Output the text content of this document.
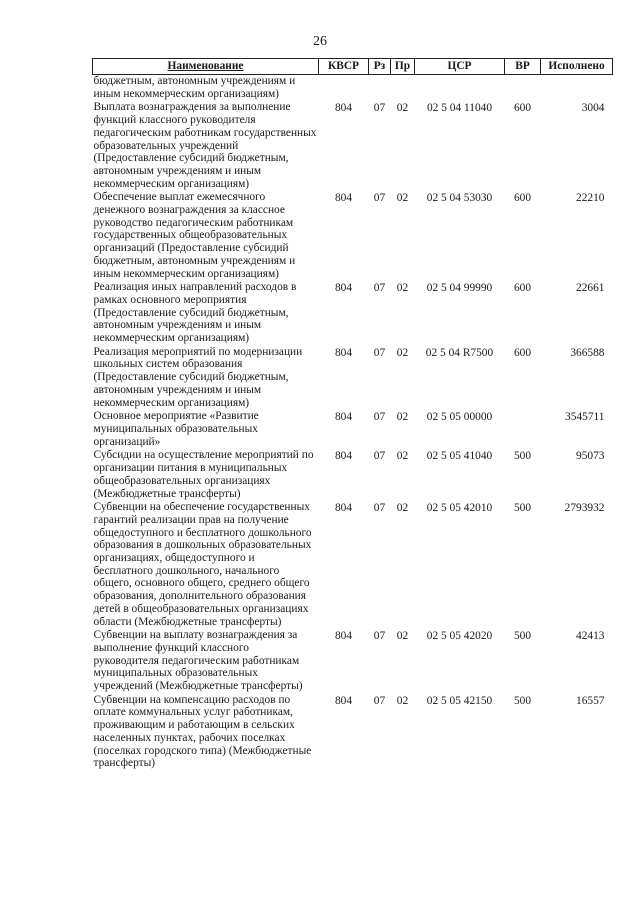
26
Наименование	КВСР	Рз	Пр	ЦСР	ВР	Исполнено
бюджетным, автономным учреждениям и иным некоммерческим организациям)						
Выплата вознаграждения за выполнение функций классного руководителя педагогическим работникам государственных образовательных учреждений (Предоставление субсидий бюджетным, автономным учреждениям и иным некоммерческим организациям)	804	07	02	02 5 04 11040	600	3004
Обеспечение выплат ежемесячного денежного вознаграждения за классное руководство педагогическим работникам государственных общеобразовательных организаций (Предоставление субсидий бюджетным, автономным учреждениям и иным некоммерческим организациям)	804	07	02	02 5 04 53030	600	22210
Реализация иных направлений расходов в рамках основного мероприятия (Предоставление субсидий бюджетным, автономным учреждениям и иным некоммерческим организациям)	804	07	02	02 5 04 99990	600	22661
Реализация мероприятий по модернизации школьных систем образования (Предоставление субсидий бюджетным, автономным учреждениям и иным некоммерческим организациям)	804	07	02	02 5 04 R7500	600	366588
Основное мероприятие «Развитие муниципальных образовательных организаций»	804	07	02	02 5 05 00000		3545711
Субсидии на осуществление мероприятий по организации питания в муниципальных общеобразовательных организациях (Межбюджетные трансферты)	804	07	02	02 5 05 41040	500	95073
Субвенции на обеспечение государственных гарантий реализации прав на получение общедоступного и бесплатного дошкольного образования в дошкольных образовательных организациях, общедоступного и бесплатного дошкольного, начального общего, основного общего, среднего общего образования, дополнительного образования детей в общеобразовательных организациях области (Межбюджетные трансферты)	804	07	02	02 5 05 42010	500	2793932
Субвенции на выплату вознаграждения за выполнение функций классного руководителя педагогическим работникам муниципальных образовательных учреждений (Межбюджетные трансферты)	804	07	02	02 5 05 42020	500	42413
Субвенции на компенсацию расходов по оплате коммунальных услуг работникам, проживающим и работающим в сельских населенных пунктах, рабочих поселках (поселках городского типа) (Межбюджетные трансферты)	804	07	02	02 5 05 42150	500	16557
